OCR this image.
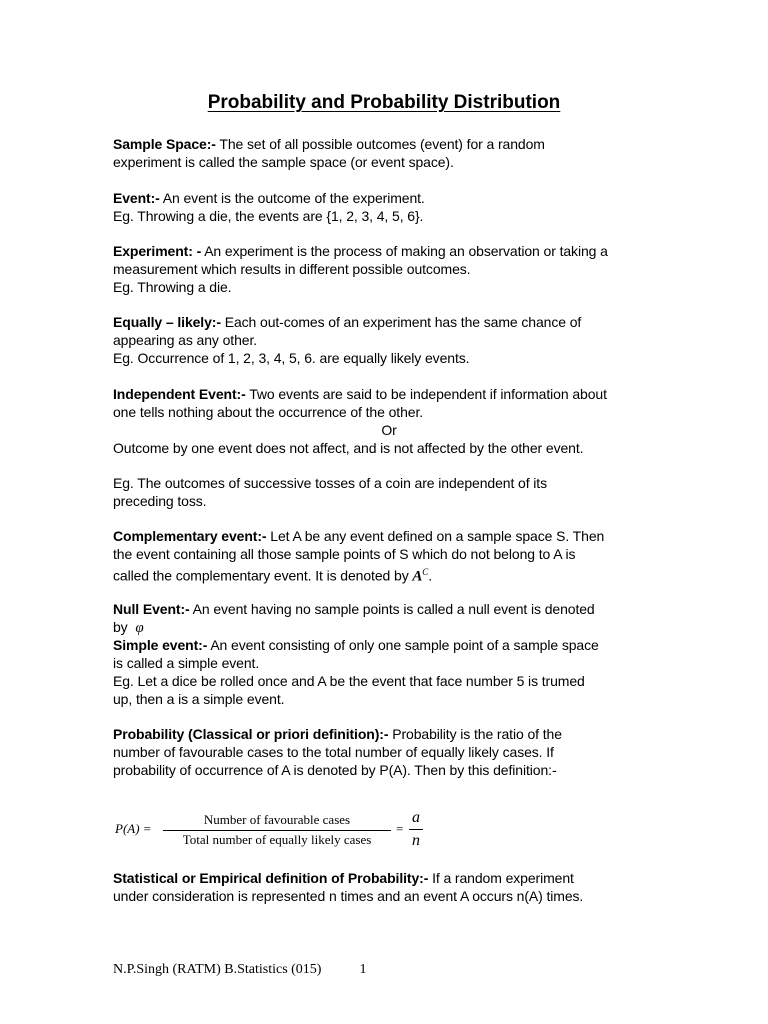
Probability and Probability Distribution
Sample Space:- The set of all possible outcomes (event) for a random
experiment is called the sample space (or event space).
Event:- An event is the outcome of the experiment.
Eg. Throwing a die, the events are {1, 2, 3, 4, 5, 6}.
Experiment: - An experiment is the process of making an observation or taking a
measurement which results in different possible outcomes.
Eg. Throwing a die.
Equally – likely:- Each out-comes of an experiment has the same chance of
appearing as any other.
Eg. Occurrence of 1, 2, 3, 4, 5, 6. are equally likely events.
Independent Event:- Two events are said to be independent if information about
one tells nothing about the occurrence of the other.
Or
Outcome by one event does not affect, and is not affected by the other event.
Eg. The outcomes of successive tosses of a coin are independent of its
preceding toss.
Complementary event:- Let A be any event defined on a sample space S. Then
the event containing all those sample points of S which do not belong to A is
called the complementary event. It is denoted by $A^C$.
Null Event:- An event having no sample points is called a null event is denoted
by φ
Simple event:- An event consisting of only one sample point of a sample space
is called a simple event.
Eg. Let a dice be rolled once and A be the event that face number 5 is trumed
up, then a is a simple event.
Probability (Classical or priori definition):- Probability is the ratio of the
number of favourable cases to the total number of equally likely cases. If
probability of occurrence of A is denoted by P(A). Then by this definition:-
P(A) =
Number of favourable cases
Total number of equally likely cases
=
a
n
Statistical or Empirical definition of Probability:- If a random experiment
under consideration is represented n times and an event A occurs n(A) times.
N.P.Singh (RATM) B.Statistics (015)	1
